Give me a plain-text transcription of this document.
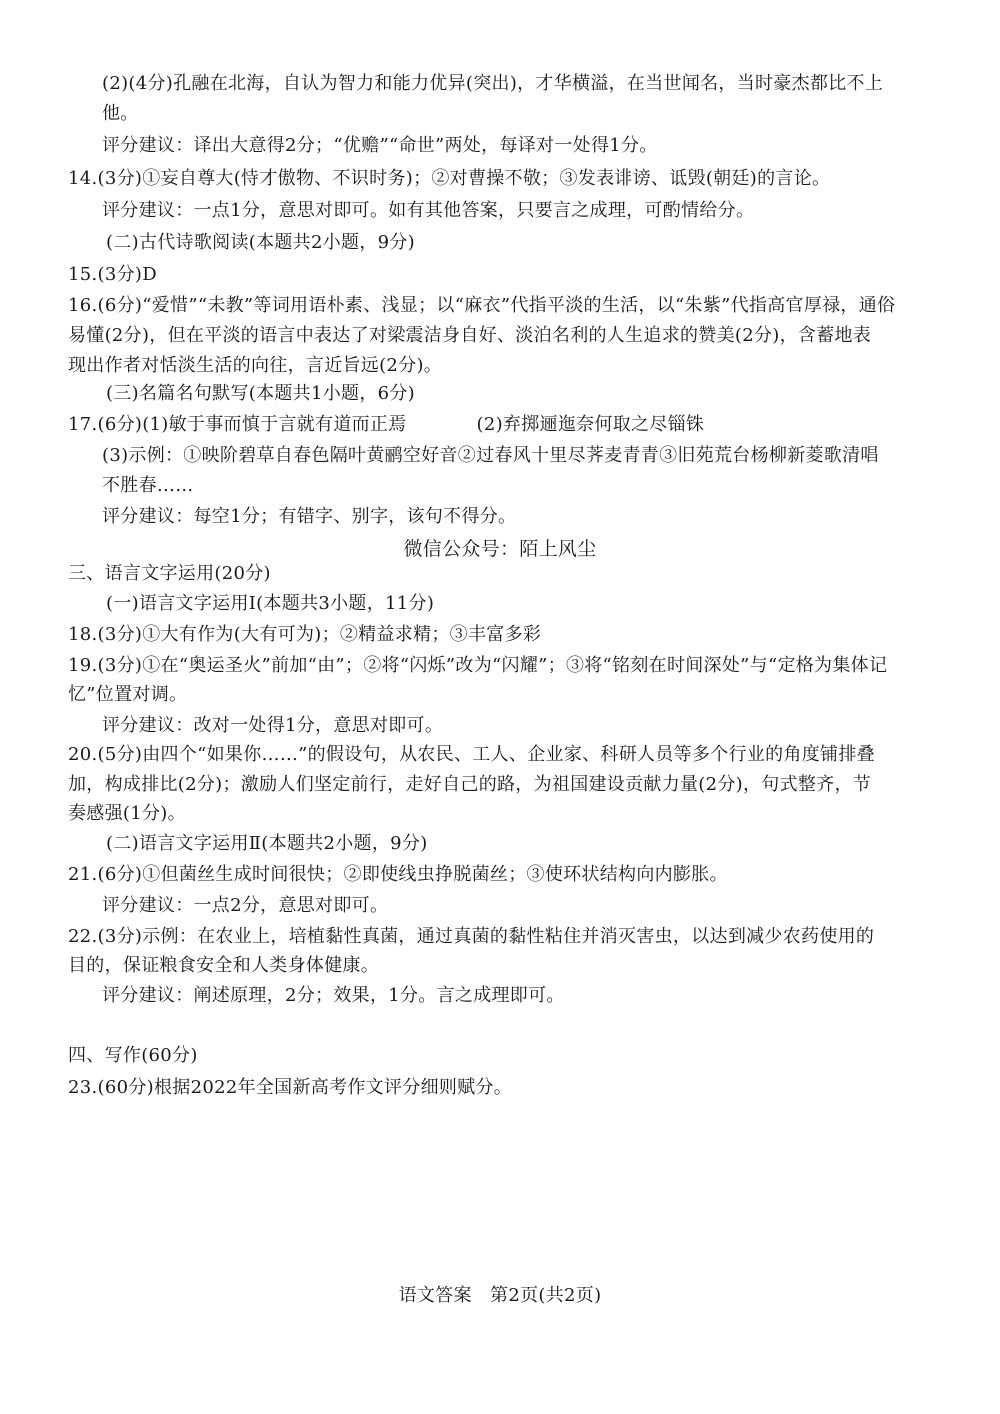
(2)(4分)孔融在北海，自认为智力和能力优异(突出)，才华横溢，在当世闻名，当时豪杰都比不上
他。
评分建议：译出大意得2分；“优赡”“命世”两处，每译对一处得1分。
14.(3分)①妄自尊大(恃才傲物、不识时务)；②对曹操不敬；③发表诽谤、诋毁(朝廷)的言论。
评分建议：一点1分，意思对即可。如有其他答案，只要言之成理，可酌情给分。
(二)古代诗歌阅读(本题共2小题，9分)
15.(3分)D
16.(6分)“爱惜”“未教”等词用语朴素、浅显；以“麻衣”代指平淡的生活，以“朱紫”代指高官厚禄，通俗
易懂(2分)，但在平淡的语言中表达了对梁震洁身自好、淡泊名利的人生追求的赞美(2分)，含蓄地表
现出作者对恬淡生活的向往，言近旨远(2分)。
(三)名篇名句默写(本题共1小题，6分)
17.(6分)(1)敏于事而慎于言就有道而正焉	(2)弃掷逦迤奈何取之尽锱铢
(3)示例：①映阶碧草自春色隔叶黄鹂空好音②过春风十里尽荠麦青青③旧苑荒台杨柳新菱歌清唱
不胜春……
评分建议：每空1分；有错字、别字，该句不得分。
微信公众号：陌上风尘
三、语言文字运用(20分)
(一)语言文字运用Ⅰ(本题共3小题，11分)
18.(3分)①大有作为(大有可为)；②精益求精；③丰富多彩
19.(3分)①在“奥运圣火”前加“由”；②将“闪烁”改为“闪耀”；③将“铭刻在时间深处”与“定格为集体记
忆”位置对调。
评分建议：改对一处得1分，意思对即可。
20.(5分)由四个“如果你……”的假设句，从农民、工人、企业家、科研人员等多个行业的角度铺排叠
加，构成排比(2分)；激励人们坚定前行，走好自己的路，为祖国建设贡献力量(2分)，句式整齐，节
奏感强(1分)。
(二)语言文字运用Ⅱ(本题共2小题，9分)
21.(6分)①但菌丝生成时间很快；②即使线虫挣脱菌丝；③使环状结构向内膨胀。
评分建议：一点2分，意思对即可。
22.(3分)示例：在农业上，培植黏性真菌，通过真菌的黏性粘住并消灭害虫，以达到减少农药使用的
目的，保证粮食安全和人类身体健康。
评分建议：阐述原理，2分；效果，1分。言之成理即可。
四、写作(60分)
23.(60分)根据2022年全国新高考作文评分细则赋分。
语文答案　第2页(共2页)
